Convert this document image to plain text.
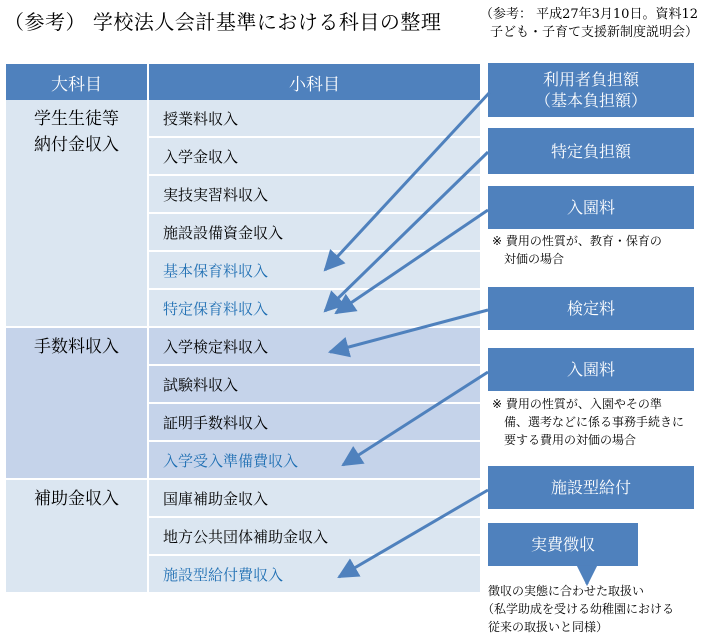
（参考） 学校法人会計基準における科目の整理	（参考： 平成27年3月10日。資料12
子ども・子育て支援新制度説明会）
大科目	小科目

学生生徒等
納付金収入	授業料収入
	入学金収入
	実技実習料収入
	施設設備資金収入
	基本保育料収入
	特定保育料収入

手数料収入	入学検定料収入
	試験料収入
	証明手数料収入
	入学受入準備費収入

補助金収入	国庫補助金収入
	地方公共団体補助金収入
	施設型給付費収入
利用者負担額
（基本負担額）
特定負担額
入園料
※ 費用の性質が、教育・保育の
対価の場合
検定料
入園料
※ 費用の性質が、入園やその準
備、選考などに係る事務手続きに
要する費用の対価の場合
施設型給付
実費徴収
徴収の実態に合わせた取扱い
（私学助成を受ける幼稚園における
従来の取扱いと同様）
